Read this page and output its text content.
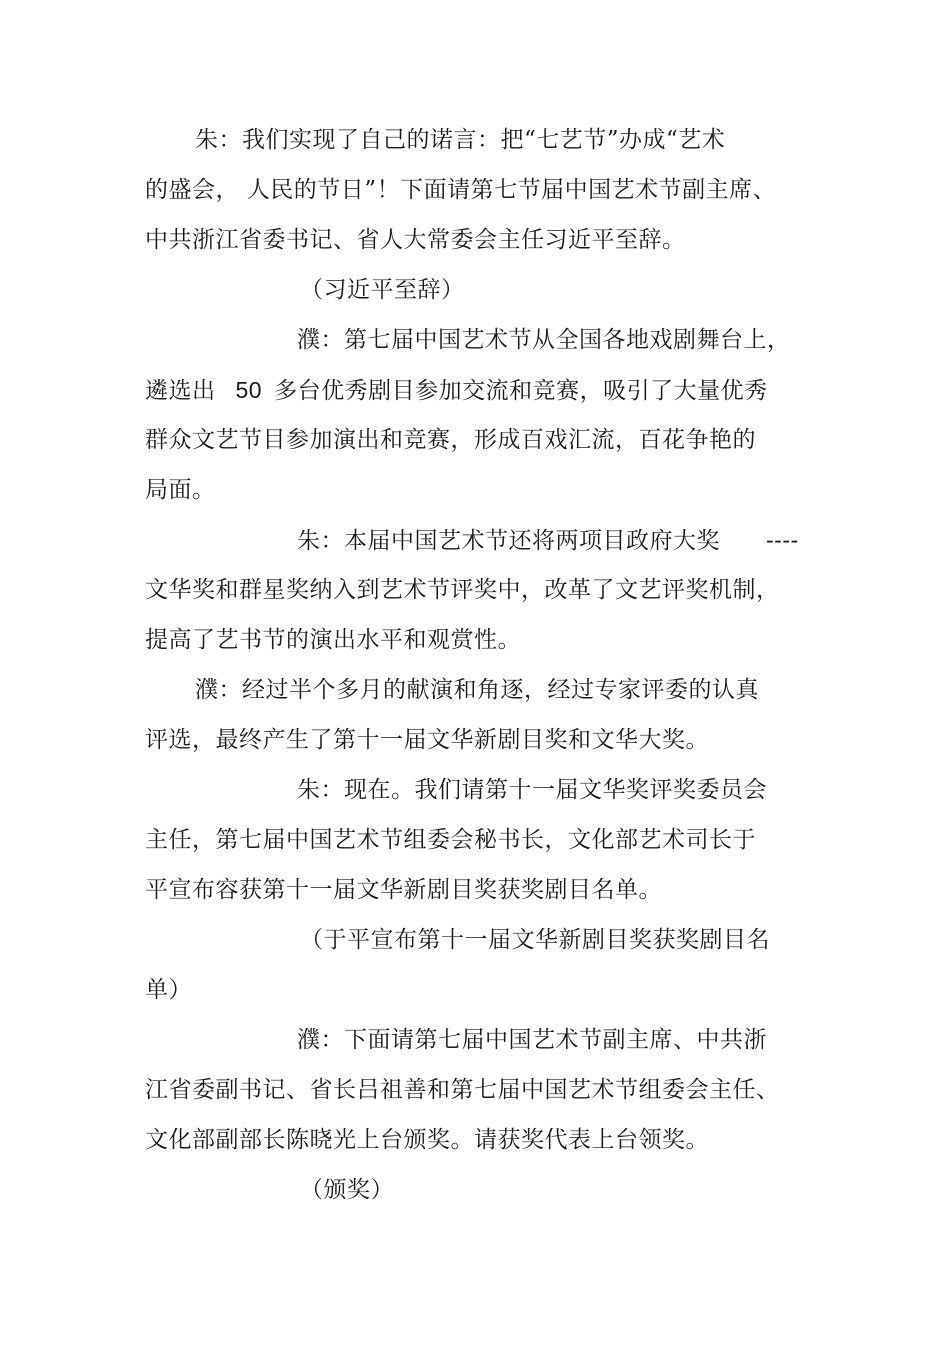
朱：我们实现了自己的诺言：把“七艺节”办成“艺术
的盛会， 人民的节日”！下面请第七节届中国艺术节副主席、
中共浙江省委书记、省人大常委会主任习近平至辞。
（习近平至辞）
濮：第七届中国艺术节从全国各地戏剧舞台上，
遴选出 50 多台优秀剧目参加交流和竞赛，吸引了大量优秀
群众文艺节目参加演出和竞赛，形成百戏汇流，百花争艳的
局面。
朱：本届中国艺术节还将两项目政府大奖 ----
文华奖和群星奖纳入到艺术节评奖中，改革了文艺评奖机制，
提高了艺书节的演出水平和观赏性。
濮：经过半个多月的献演和角逐，经过专家评委的认真
评选，最终产生了第十一届文华新剧目奖和文华大奖。
朱：现在。我们请第十一届文华奖评奖委员会
主任，第七届中国艺术节组委会秘书长，文化部艺术司长于
平宣布容获第十一届文华新剧目奖获奖剧目名单。
（于平宣布第十一届文华新剧目奖获奖剧目名
单）
濮：下面请第七届中国艺术节副主席、中共浙
江省委副书记、省长吕祖善和第七届中国艺术节组委会主任、
文化部副部长陈晓光上台颁奖。请获奖代表上台领奖。
（颁奖）
